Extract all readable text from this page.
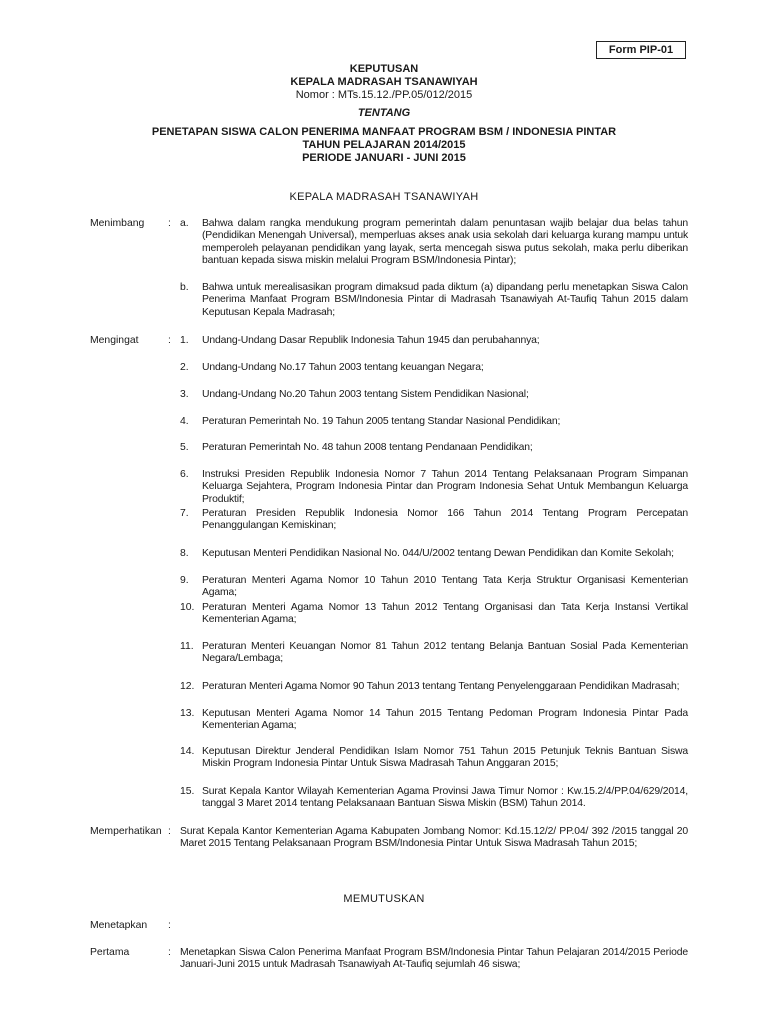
Form PIP-01
KEPUTUSAN
KEPALA MADRASAH TSANAWIYAH
Nomor : MTs.15.12./PP.05/012/2015
TENTANG
PENETAPAN SISWA CALON PENERIMA MANFAAT PROGRAM BSM / INDONESIA PINTAR
TAHUN PELAJARAN 2014/2015
PERIODE JANUARI - JUNI 2015
KEPALA MADRASAH TSANAWIYAH
Menimbang : a. Bahwa dalam rangka mendukung program pemerintah dalam penuntasan wajib belajar dua belas tahun (Pendidikan Menengah Universal), memperluas akses anak usia sekolah dari keluarga kurang mampu untuk memperoleh pelayanan pendidikan yang layak, serta mencegah siswa putus sekolah, maka perlu diberikan bantuan kepada siswa miskin melalui Program BSM/Indonesia Pintar);
b. Bahwa untuk merealisasikan program dimaksud pada diktum (a) dipandang perlu menetapkan Siswa Calon Penerima Manfaat Program BSM/Indonesia Pintar di Madrasah Tsanawiyah At-Taufiq Tahun 2015 dalam Keputusan Kepala Madrasah;
Mengingat	: 1. Undang-Undang Dasar Republik Indonesia Tahun 1945 dan perubahannya;
2. Undang-Undang No.17 Tahun 2003 tentang keuangan Negara;
3. Undang-Undang No.20 Tahun 2003 tentang Sistem Pendidikan Nasional;
4. Peraturan Pemerintah No. 19 Tahun 2005 tentang Standar Nasional Pendidikan;
5. Peraturan Pemerintah No. 48 tahun 2008 tentang Pendanaan Pendidikan;
6. Instruksi Presiden Republik Indonesia Nomor 7 Tahun 2014 Tentang Pelaksanaan Program Simpanan Keluarga Sejahtera, Program Indonesia Pintar dan Program Indonesia Sehat Untuk Membangun Keluarga Produktif;
7. Peraturan Presiden Republik Indonesia Nomor 166 Tahun 2014 Tentang Program Percepatan Penanggulangan Kemiskinan;
8. Keputusan Menteri Pendidikan Nasional No. 044/U/2002 tentang Dewan Pendidikan dan Komite Sekolah;
9. Peraturan Menteri Agama Nomor 10 Tahun 2010 Tentang Tata Kerja Struktur Organisasi Kementerian Agama;
10. Peraturan Menteri Agama Nomor 13 Tahun 2012 Tentang Organisasi dan Tata Kerja Instansi Vertikal Kementerian Agama;
11. Peraturan Menteri Keuangan Nomor 81 Tahun 2012 tentang Belanja Bantuan Sosial Pada Kementerian Negara/Lembaga;
12. Peraturan Menteri Agama Nomor 90 Tahun 2013 tentang Tentang Penyelenggaraan Pendidikan Madrasah;
13. Keputusan Menteri Agama Nomor 14 Tahun 2015 Tentang Pedoman Program Indonesia Pintar Pada Kementerian Agama;
14. Keputusan Direktur Jenderal Pendidikan Islam Nomor 751 Tahun 2015 Petunjuk Teknis Bantuan Siswa Miskin Program Indonesia Pintar Untuk Siswa Madrasah Tahun Anggaran 2015;
15. Surat Kepala Kantor Wilayah Kementerian Agama Provinsi Jawa Timur Nomor : Kw.15.2/4/PP.04/629/2014, tanggal 3 Maret 2014 tentang Pelaksanaan Bantuan Siswa Miskin (BSM) Tahun 2014.
Memperhatikan : Surat Kepala Kantor Kementerian Agama Kabupaten Jombang Nomor: Kd.15.12/2/ PP.04/ 392 /2015 tanggal 20 Maret 2015 Tentang Pelaksanaan Program BSM/Indonesia Pintar Untuk Siswa Madrasah Tahun 2015;
MEMUTUSKAN
Menetapkan :
Pertama	: Menetapkan Siswa Calon Penerima Manfaat Program BSM/Indonesia Pintar Tahun Pelajaran 2014/2015 Periode Januari-Juni 2015 untuk Madrasah Tsanawiyah At-Taufiq sejumlah 46 siswa;
